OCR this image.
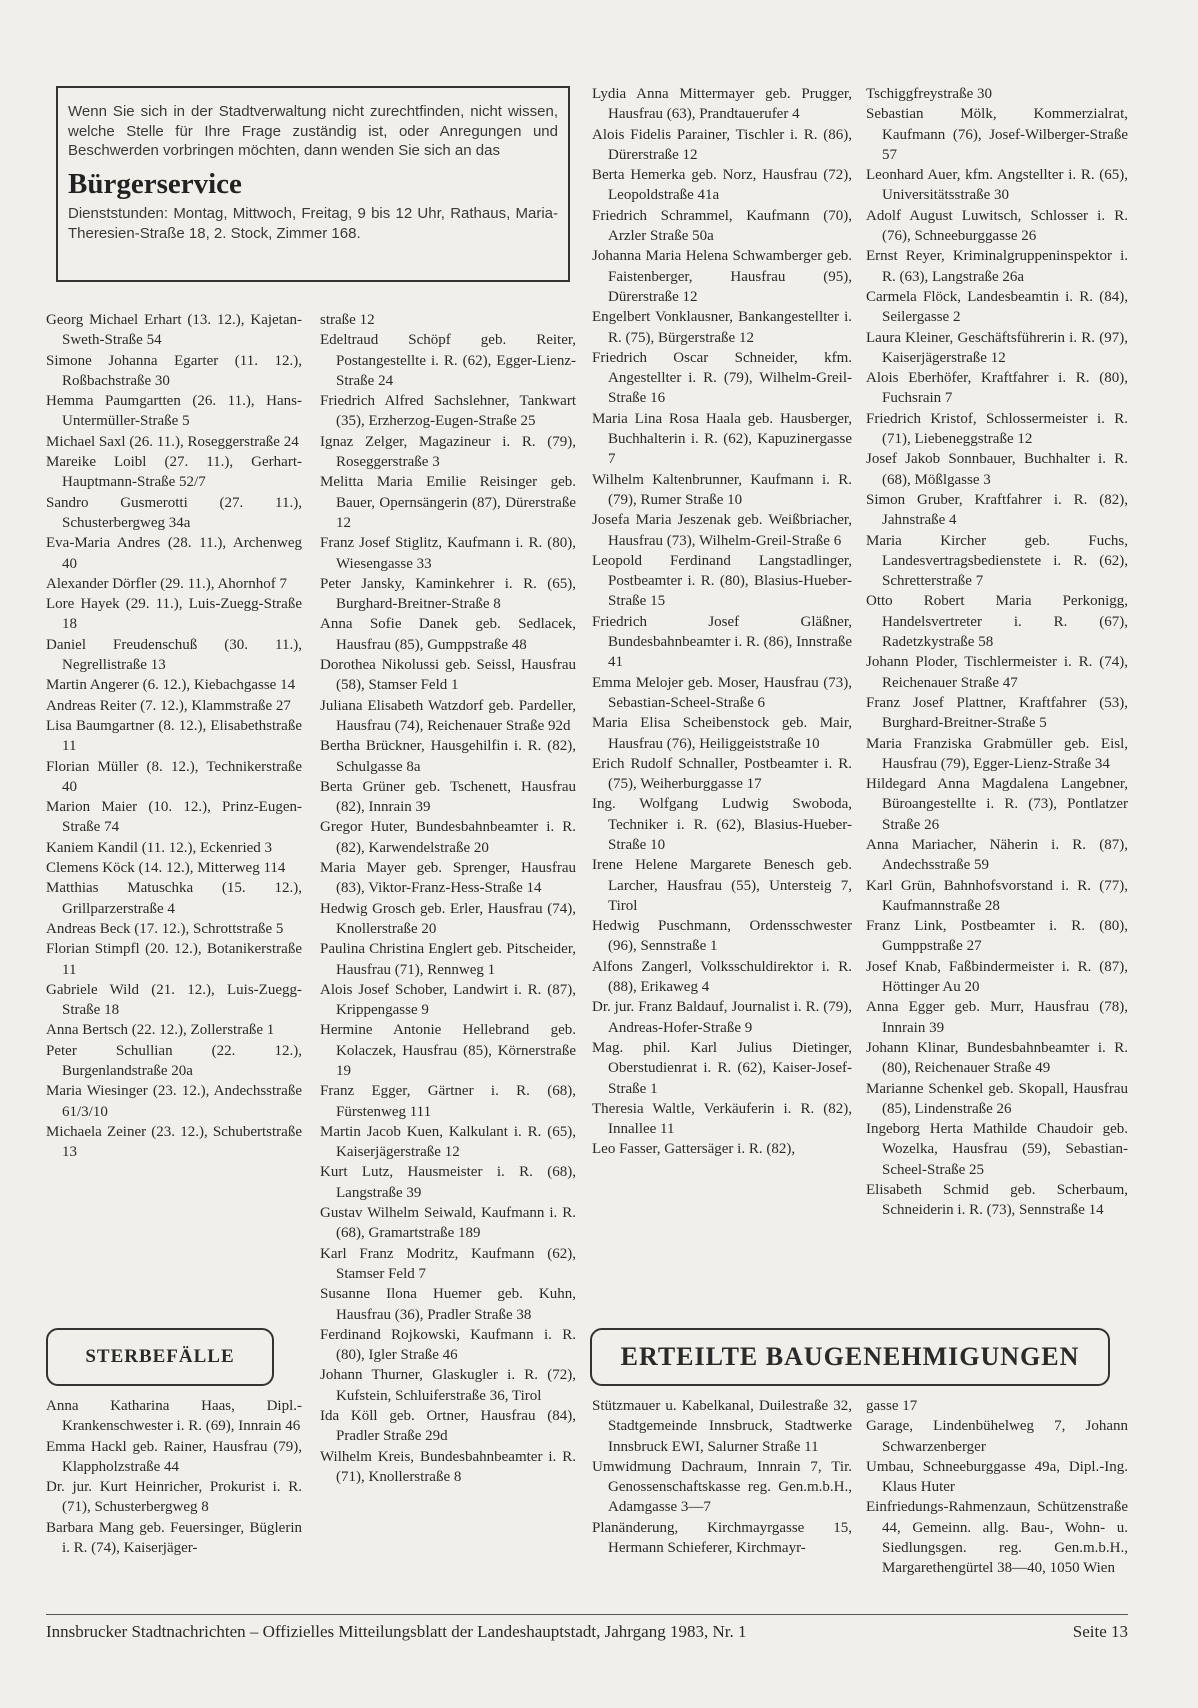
Wenn Sie sich in der Stadtverwaltung nicht zurechtfinden, nicht wissen, welche Stelle für Ihre Frage zuständig ist, oder Anregungen und Beschwerden vorbringen möchten, dann wenden Sie sich an das

Bürgerservice

Dienststunden: Montag, Mittwoch, Freitag, 9 bis 12 Uhr, Rathaus, Maria-Theresien-Straße 18, 2. Stock, Zimmer 168.

Georg Michael Erhart (13. 12.), Kajetan-Sweth-Straße 54

Simone Johanna Egarter (11. 12.), Roßbachstraße 30

Hemma Paumgartten (26. 11.), Hans-Untermüller-Straße 5

Michael Saxl (26. 11.), Roseggerstraße 24

Mareike Loibl (27. 11.), Gerhart-Hauptmann-Straße 52/7

Sandro Gusmerotti (27. 11.), Schusterbergweg 34a

Eva-Maria Andres (28. 11.), Archenweg 40

Alexander Dörfler (29. 11.), Ahornhof 7

Lore Hayek (29. 11.), Luis-Zuegg-Straße 18

Daniel Freudenschuß (30. 11.), Negrellistraße 13

Martin Angerer (6. 12.), Kiebachgasse 14

Andreas Reiter (7. 12.), Klammstraße 27

Lisa Baumgartner (8. 12.), Elisabethstraße 11

Florian Müller (8. 12.), Technikerstraße 40

Marion Maier (10. 12.), Prinz-Eugen-Straße 74

Kaniem Kandil (11. 12.), Eckenried 3

Clemens Köck (14. 12.), Mitterweg 114

Matthias Matuschka (15. 12.), Grillparzerstraße 4

Andreas Beck (17. 12.), Schrottstraße 5

Florian Stimpfl (20. 12.), Botanikerstraße 11

Gabriele Wild (21. 12.), Luis-Zuegg-Straße 18

Anna Bertsch (22. 12.), Zollerstraße 1

Peter Schullian (22. 12.), Burgenlandstraße 20a

Maria Wiesinger (23. 12.), Andechsstraße 61/3/10

Michaela Zeiner (23. 12.), Schubertstraße 13

straße 12

Edeltraud Schöpf geb. Reiter, Postangestellte i. R. (62), Egger-Lienz-Straße 24

Friedrich Alfred Sachslehner, Tankwart (35), Erzherzog-Eugen-Straße 25

Ignaz Zelger, Magazineur i. R. (79), Roseggerstraße 3

Melitta Maria Emilie Reisinger geb. Bauer, Opernsängerin (87), Dürerstraße 12

Franz Josef Stiglitz, Kaufmann i. R. (80), Wiesengasse 33

Peter Jansky, Kaminkehrer i. R. (65), Burghard-Breitner-Straße 8

Anna Sofie Danek geb. Sedlacek, Hausfrau (85), Gumppstraße 48

Dorothea Nikolussi geb. Seissl, Hausfrau (58), Stamser Feld 1

Juliana Elisabeth Watzdorf geb. Pardeller, Hausfrau (74), Reichenauer Straße 92d

Bertha Brückner, Hausgehilfin i. R. (82), Schulgasse 8a

Berta Grüner geb. Tschenett, Hausfrau (82), Innrain 39

Gregor Huter, Bundesbahnbeamter i. R. (82), Karwendelstraße 20

Maria Mayer geb. Sprenger, Hausfrau (83), Viktor-Franz-Hess-Straße 14

Hedwig Grosch geb. Erler, Hausfrau (74), Knollerstraße 20

Paulina Christina Englert geb. Pitscheider, Hausfrau (71), Rennweg 1

Alois Josef Schober, Landwirt i. R. (87), Krippengasse 9

Hermine Antonie Hellebrand geb. Kolaczek, Hausfrau (85), Körnerstraße 19

Franz Egger, Gärtner i. R. (68), Fürstenweg 111

Martin Jacob Kuen, Kalkulant i. R. (65), Kaiserjägerstraße 12

Kurt Lutz, Hausmeister i. R. (68), Langstraße 39

Gustav Wilhelm Seiwald, Kaufmann i. R. (68), Gramartstraße 189

Karl Franz Modritz, Kaufmann (62), Stamser Feld 7

Susanne Ilona Huemer geb. Kuhn, Hausfrau (36), Pradler Straße 38

Ferdinand Rojkowski, Kaufmann i. R. (80), Igler Straße 46

Johann Thurner, Glaskugler i. R. (72), Kufstein, Schluiferstraße 36, Tirol

Ida Köll geb. Ortner, Hausfrau (84), Pradler Straße 29d

Wilhelm Kreis, Bundesbahnbeamter i. R. (71), Knollerstraße 8

Lydia Anna Mittermayer geb. Prugger, Hausfrau (63), Prandtauerufer 4

Alois Fidelis Parainer, Tischler i. R. (86), Dürerstraße 12

Berta Hemerka geb. Norz, Hausfrau (72), Leopoldstraße 41a

Friedrich Schrammel, Kaufmann (70), Arzler Straße 50a

Johanna Maria Helena Schwamberger geb. Faistenberger, Hausfrau (95), Dürerstraße 12

Engelbert Vonklausner, Bankangestellter i. R. (75), Bürgerstraße 12

Friedrich Oscar Schneider, kfm. Angestellter i. R. (79), Wilhelm-Greil-Straße 16

Maria Lina Rosa Haala geb. Hausberger, Buchhalterin i. R. (62), Kapuzinergasse 7

Wilhelm Kaltenbrunner, Kaufmann i. R. (79), Rumer Straße 10

Josefa Maria Jeszenak geb. Weißbriacher, Hausfrau (73), Wilhelm-Greil-Straße 6

Leopold Ferdinand Langstadlinger, Postbeamter i. R. (80), Blasius-Hueber-Straße 15

Friedrich Josef Gläßner, Bundesbahnbeamter i. R. (86), Innstraße 41

Emma Melojer geb. Moser, Hausfrau (73), Sebastian-Scheel-Straße 6

Maria Elisa Scheibenstock geb. Mair, Hausfrau (76), Heiliggeiststraße 10

Erich Rudolf Schnaller, Postbeamter i. R. (75), Weiherburggasse 17

Ing. Wolfgang Ludwig Swoboda, Techniker i. R. (62), Blasius-Hueber-Straße 10

Irene Helene Margarete Benesch geb. Larcher, Hausfrau (55), Untersteig 7, Tirol

Hedwig Puschmann, Ordensschwester (96), Sennstraße 1

Alfons Zangerl, Volksschuldirektor i. R. (88), Erikaweg 4

Dr. jur. Franz Baldauf, Journalist i. R. (79), Andreas-Hofer-Straße 9

Mag. phil. Karl Julius Dietinger, Oberstudienrat i. R. (62), Kaiser-Josef-Straße 1

Theresia Waltle, Verkäuferin i. R. (82), Innallee 11

Leo Fasser, Gattersäger i. R. (82),

Tschiggfreystraße 30

Sebastian Mölk, Kommerzialrat, Kaufmann (76), Josef-Wilberger-Straße 57

Leonhard Auer, kfm. Angstellter i. R. (65), Universitätsstraße 30

Adolf August Luwitsch, Schlosser i. R. (76), Schneeburggasse 26

Ernst Reyer, Kriminalgruppeninspektor i. R. (63), Langstraße 26a

Carmela Flöck, Landesbeamtin i. R. (84), Seilergasse 2

Laura Kleiner, Geschäftsführerin i. R. (97), Kaiserjägerstraße 12

Alois Eberhöfer, Kraftfahrer i. R. (80), Fuchsrain 7

Friedrich Kristof, Schlossermeister i. R. (71), Liebeneggstraße 12

Josef Jakob Sonnbauer, Buchhalter i. R. (68), Mößlgasse 3

Simon Gruber, Kraftfahrer i. R. (82), Jahnstraße 4

Maria Kircher geb. Fuchs, Landesvertragsbedienstete i. R. (62), Schretterstraße 7

Otto Robert Maria Perkonigg, Handelsvertreter i. R. (67), Radetzkystraße 58

Johann Ploder, Tischlermeister i. R. (74), Reichenauer Straße 47

Franz Josef Plattner, Kraftfahrer (53), Burghard-Breitner-Straße 5

Maria Franziska Grabmüller geb. Eisl, Hausfrau (79), Egger-Lienz-Straße 34

Hildegard Anna Magdalena Langebner, Büroangestellte i. R. (73), Pontlatzer Straße 26

Anna Mariacher, Näherin i. R. (87), Andechsstraße 59

Karl Grün, Bahnhofsvorstand i. R. (77), Kaufmannstraße 28

Franz Link, Postbeamter i. R. (80), Gumppstraße 27

Josef Knab, Faßbindermeister i. R. (87), Höttinger Au 20

Anna Egger geb. Murr, Hausfrau (78), Innrain 39

Johann Klinar, Bundesbahnbeamter i. R. (80), Reichenauer Straße 49

Marianne Schenkel geb. Skopall, Hausfrau (85), Lindenstraße 26

Ingeborg Herta Mathilde Chaudoir geb. Wozelka, Hausfrau (59), Sebastian-Scheel-Straße 25

Elisabeth Schmid geb. Scherbaum, Schneiderin i. R. (73), Sennstraße 14

STERBEFÄLLE

Anna Katharina Haas, Dipl.-Krankenschwester i. R. (69), Innrain 46

Emma Hackl geb. Rainer, Hausfrau (79), Klappholzstraße 44

Dr. jur. Kurt Heinricher, Prokurist i. R. (71), Schusterbergweg 8

Barbara Mang geb. Feuersinger, Büglerin i. R. (74), Kaiserjäger-

ERTEILTE BAUGENEHMIGUNGEN

Stützmauer u. Kabelkanal, Duilestraße 32, Stadtgemeinde Innsbruck, Stadtwerke Innsbruck EWI, Salurner Straße 11

Umwidmung Dachraum, Innrain 7, Tir. Genossenschaftskasse reg. Gen.m.b.H., Adamgasse 3—7

Planänderung, Kirchmayrgasse 15, Hermann Schieferer, Kirchmayr-

gasse 17

Garage, Lindenbühelweg 7, Johann Schwarzenberger

Umbau, Schneeburggasse 49a, Dipl.-Ing. Klaus Huter

Einfriedungs-Rahmenzaun, Schützenstraße 44, Gemeinn. allg. Bau-, Wohn- u. Siedlungsgen. reg. Gen.m.b.H., Margarethengürtel 38—40, 1050 Wien

Innsbrucker Stadtnachrichten – Offizielles Mitteilungsblatt der Landeshauptstadt, Jahrgang 1983, Nr. 1	Seite 13
